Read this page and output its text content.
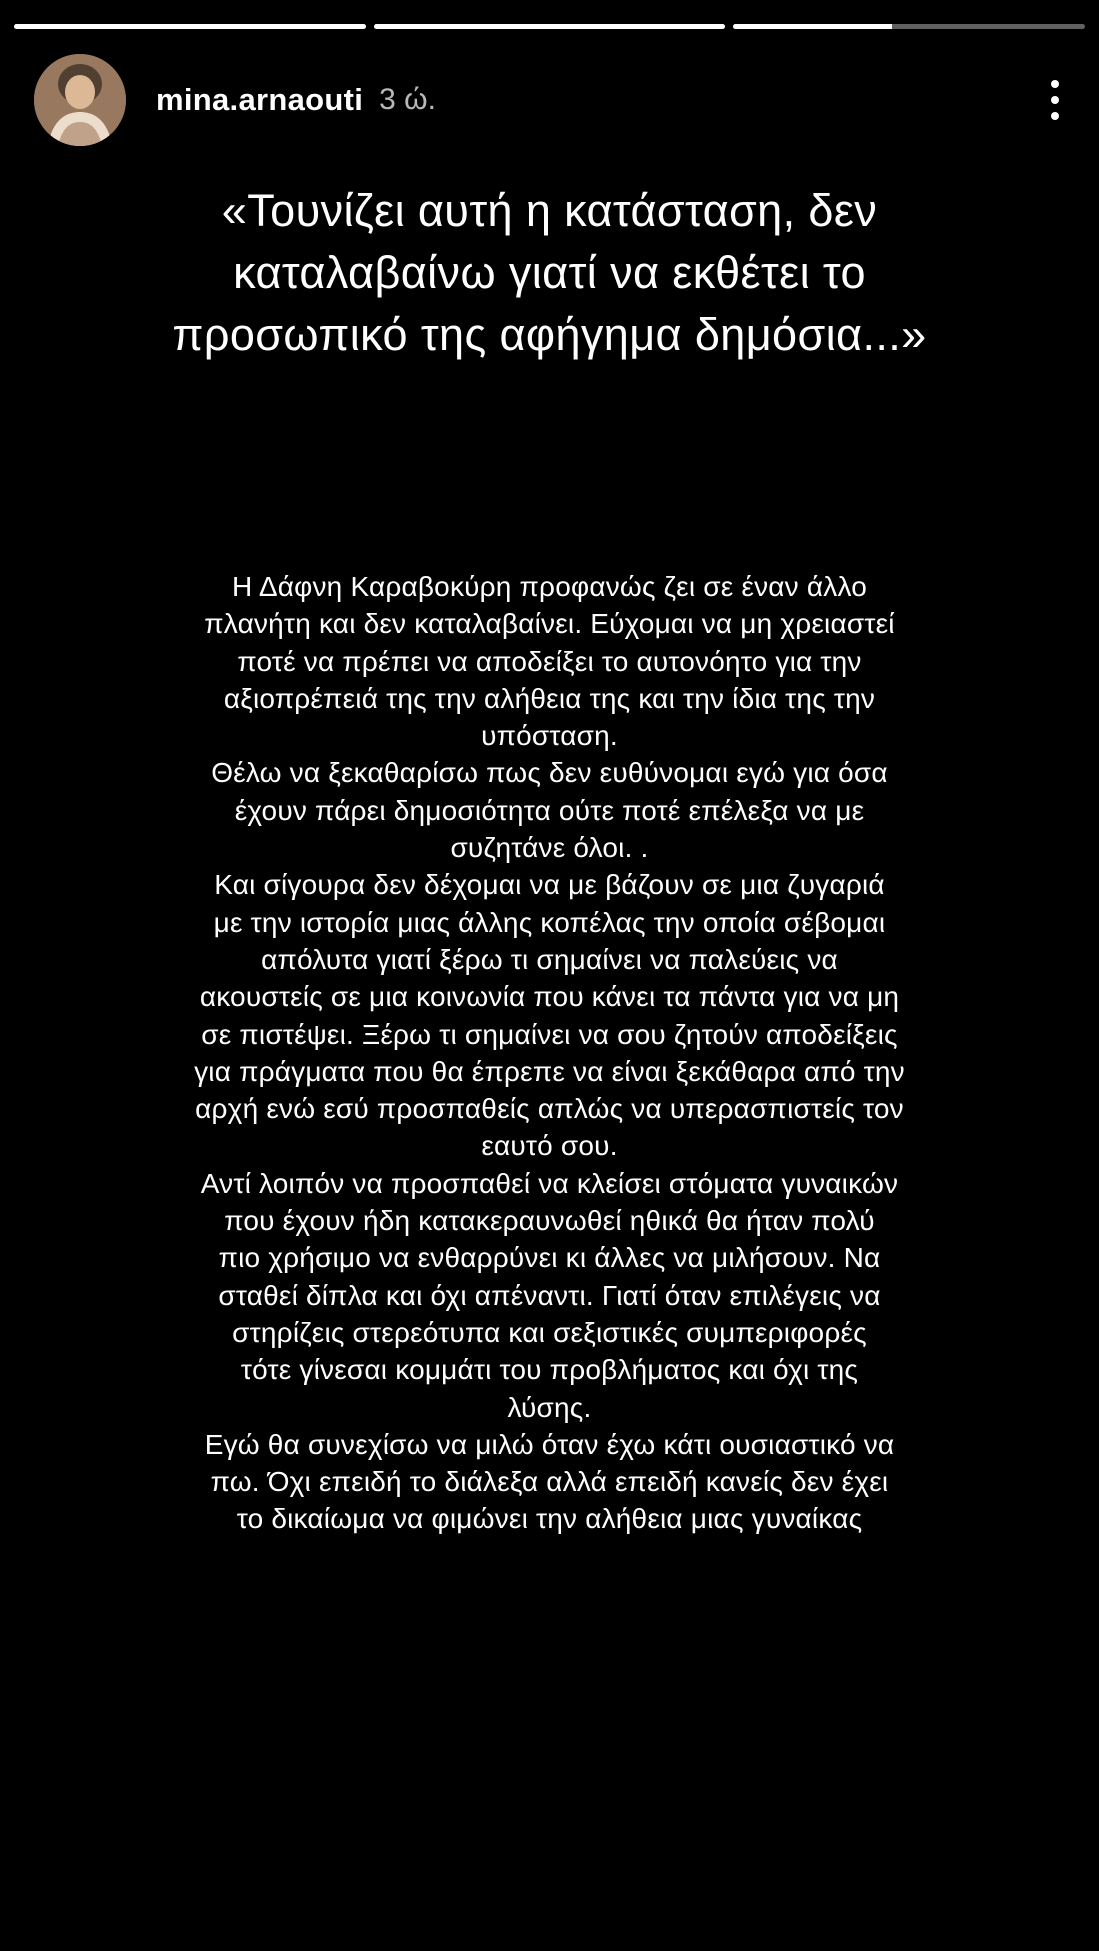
mina.arnaouti 3 ώ.

«Τουνίζει αυτή η κατάσταση, δεν

καταλαβαίνω γιατί να εκθέτει το

προσωπικό της αφήγημα δημόσια...»

Η Δάφνη Καραβοκύρη προφανώς ζει σε έναν άλλο

πλανήτη και δεν καταλαβαίνει. Εύχομαι να μη χρειαστεί

ποτέ να πρέπει να αποδείξει το αυτονόητο για την

αξιοπρέπειά της την αλήθεια της και την ίδια της την

υπόσταση.

Θέλω να ξεκαθαρίσω πως δεν ευθύνομαι εγώ για όσα

έχουν πάρει δημοσιότητα ούτε ποτέ επέλεξα να με

συζητάνε όλοι. .

Και σίγουρα δεν δέχομαι να με βάζουν σε μια ζυγαριά

με την ιστορία μιας άλλης κοπέλας την οποία σέβομαι

απόλυτα γιατί ξέρω τι σημαίνει να παλεύεις να

ακουστείς σε μια κοινωνία που κάνει τα πάντα για να μη

σε πιστέψει. Ξέρω τι σημαίνει να σου ζητούν αποδείξεις

για πράγματα που θα έπρεπε να είναι ξεκάθαρα από την

αρχή ενώ εσύ προσπαθείς απλώς να υπερασπιστείς τον

εαυτό σου.

Αντί λοιπόν να προσπαθεί να κλείσει στόματα γυναικών

που έχουν ήδη κατακεραυνωθεί ηθικά θα ήταν πολύ

πιο χρήσιμο να ενθαρρύνει κι άλλες να μιλήσουν. Να

σταθεί δίπλα και όχι απέναντι. Γιατί όταν επιλέγεις να

στηρίζεις στερεότυπα και σεξιστικές συμπεριφορές

τότε γίνεσαι κομμάτι του προβλήματος και όχι της

λύσης.

Εγώ θα συνεχίσω να μιλώ όταν έχω κάτι ουσιαστικό να

πω. Όχι επειδή το διάλεξα αλλά επειδή κανείς δεν έχει

το δικαίωμα να φιμώνει την αλήθεια μιας γυναίκας
